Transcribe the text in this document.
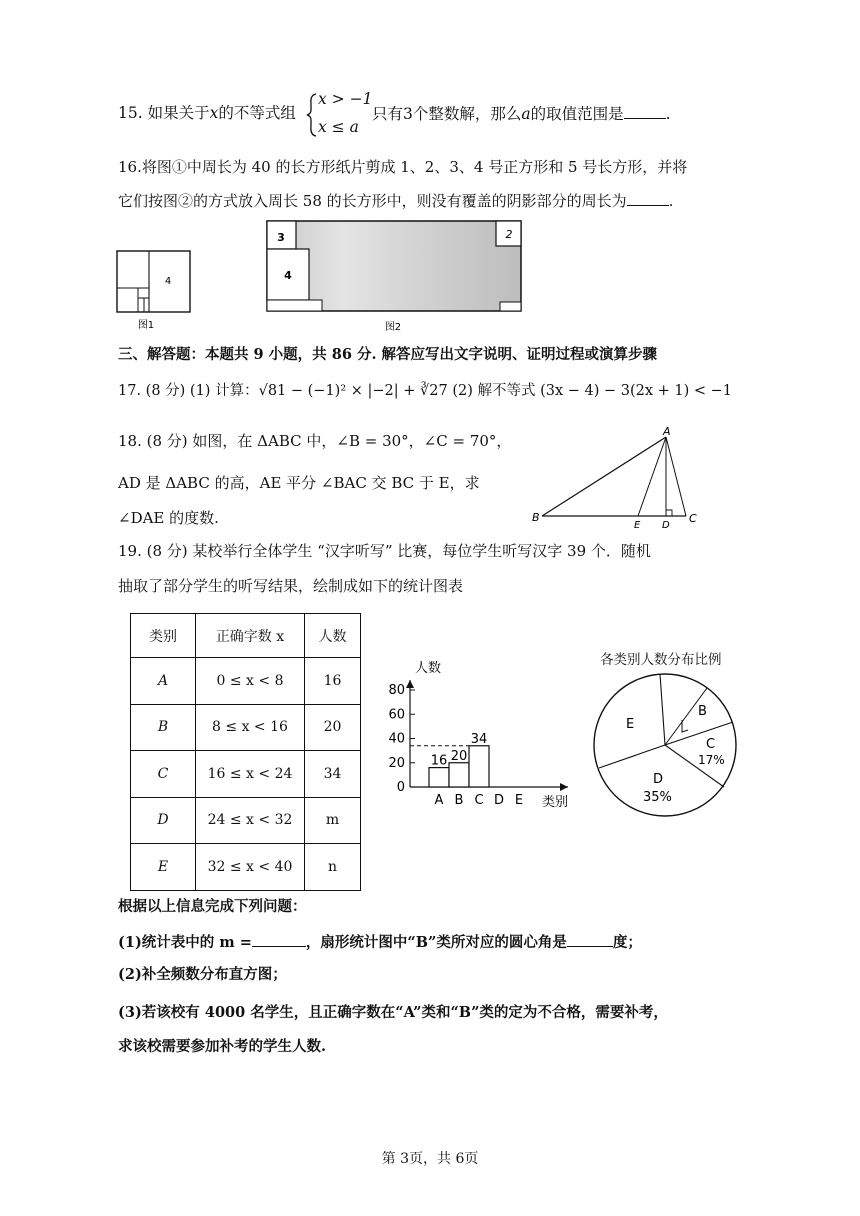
15. 如果关于x的不等式组
x > −1
x ≤ a
只有3个整数解，那么a的取值范围是	.
16.将图①中周长为 40 的长方形纸片剪成 1、2、3、4 号正方形和 5 号长方形，并将
它们按图②的方式放入周长 58 的长方形中，则没有覆盖的阴影部分的周长为	.
4
图1
3
4
2
图2
三、解答题：本题共 9 小题，共 86 分. 解答应写出文字说明、证明过程或演算步骤
17. (8 分) (1) 计算：√81 − (−1)² × |−2| + ∛27 (2) 解不等式 (3x − 4) − 3(2x + 1) < −1
18. (8 分) 如图，在 ΔABC 中，∠B = 30°，∠C = 70°，
AD 是 ΔABC 的高，AE 平分 ∠BAC 交 BC 于 E，求
∠DAE 的度数.
A
B	C
E D
19. (8 分) 某校举行全体学生 “汉字听写” 比赛，每位学生听写汉字 39 个．随机
抽取了部分学生的听写结果，绘制成如下的统计图表
类别	正确字数 x	人数
A	0 ≤ x < 8	16
B	8 ≤ x < 16	20
C	16 ≤ x < 24	34
D	24 ≤ x < 32	m
E	32 ≤ x < 40	n
0
20
40
60
80
A
16
B
20
C
34
D E
人数
类别
各类别人数分布比例
E
B
C
17%
D
35%
根据以上信息完成下列问题：
(1)统计表中的 m =	，扇形统计图中“B”类所对应的圆心角是	度；
(2)补全频数分布直方图；
(3)若该校有 4000 名学生，且正确字数在“A”类和“B”类的定为不合格，需要补考，
求该校需要参加补考的学生人数.
第 3页，共 6页
